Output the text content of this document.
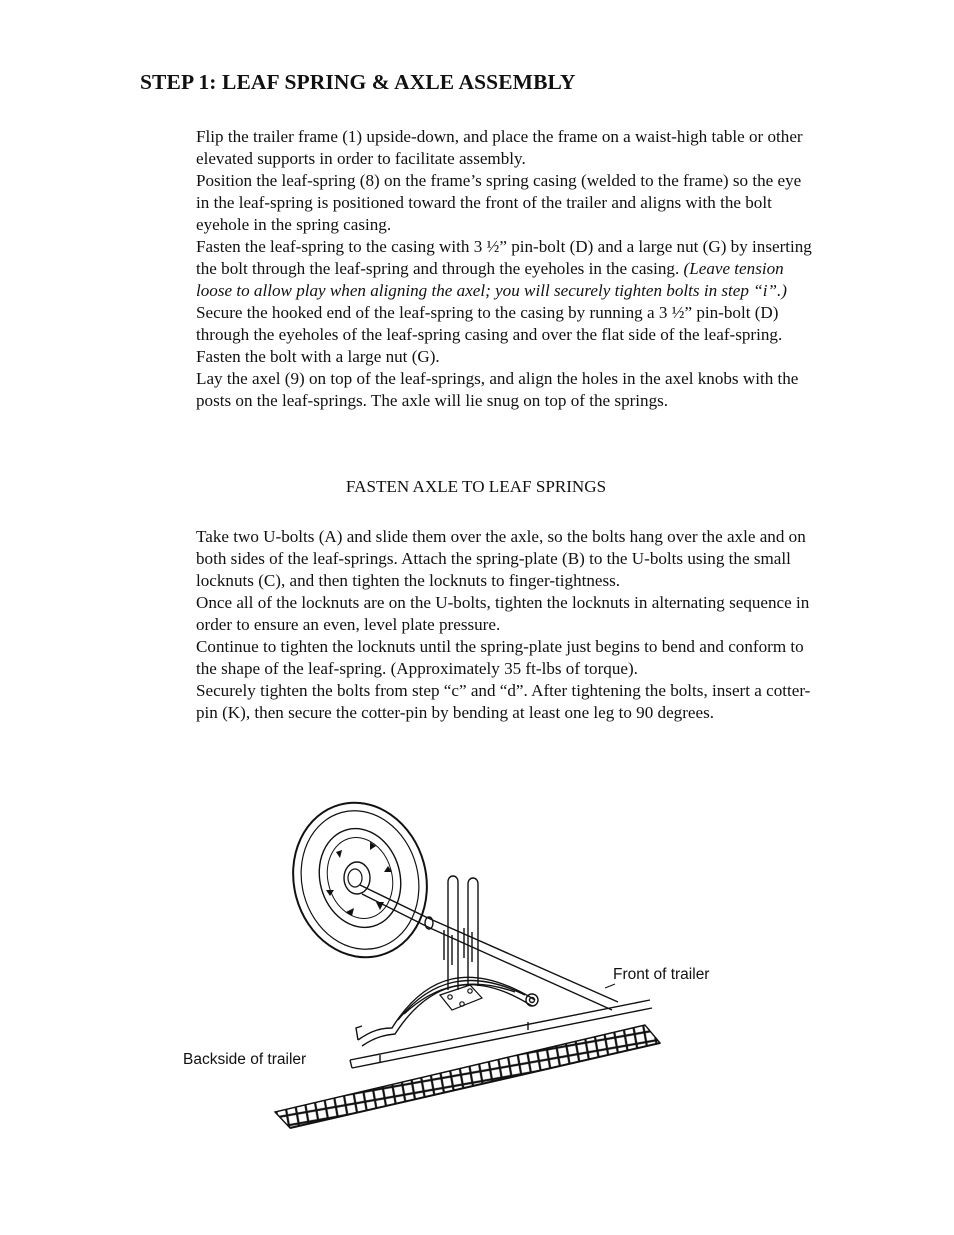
STEP 1: LEAF SPRING & AXLE ASSEMBLY

Flip the trailer frame (1) upside-down, and place the frame on a waist-high table or other elevated supports in order to facilitate assembly.

Position the leaf-spring (8) on the frame’s spring casing (welded to the frame) so the eye in the leaf-spring is positioned toward the front of the trailer and aligns with the bolt eyehole in the spring casing.

Fasten the leaf-spring to the casing with 3 ½” pin-bolt (D) and a large nut (G) by inserting the bolt through the leaf-spring and through the eyeholes in the casing. (Leave tension loose to allow play when aligning the axel; you will securely tighten bolts in step “i”.)

Secure the hooked end of the leaf-spring to the casing by running a 3 ½” pin-bolt (D) through the eyeholes of the leaf-spring casing and over the flat side of the leaf-spring. Fasten the bolt with a large nut (G).

Lay the axel (9) on top of the leaf-springs, and align the holes in the axel knobs with the posts on the leaf-springs. The axle will lie snug on top of the springs.

FASTEN AXLE TO LEAF SPRINGS

Take two U-bolts (A) and slide them over the axle, so the bolts hang over the axle and on both sides of the leaf-springs. Attach the spring-plate (B) to the U-bolts using the small locknuts (C), and then tighten the locknuts to finger-tightness.

Once all of the locknuts are on the U-bolts, tighten the locknuts in alternating sequence in order to ensure an even, level plate pressure.

Continue to tighten the locknuts until the spring-plate just begins to bend and conform to the shape of the leaf-spring. (Approximately 35 ft-lbs of torque).

Securely tighten the bolts from step “c” and “d”. After tightening the bolts, insert a cotter-pin (K), then secure the cotter-pin by bending at least one leg to 90 degrees.

Front of trailer
Backside of trailer
